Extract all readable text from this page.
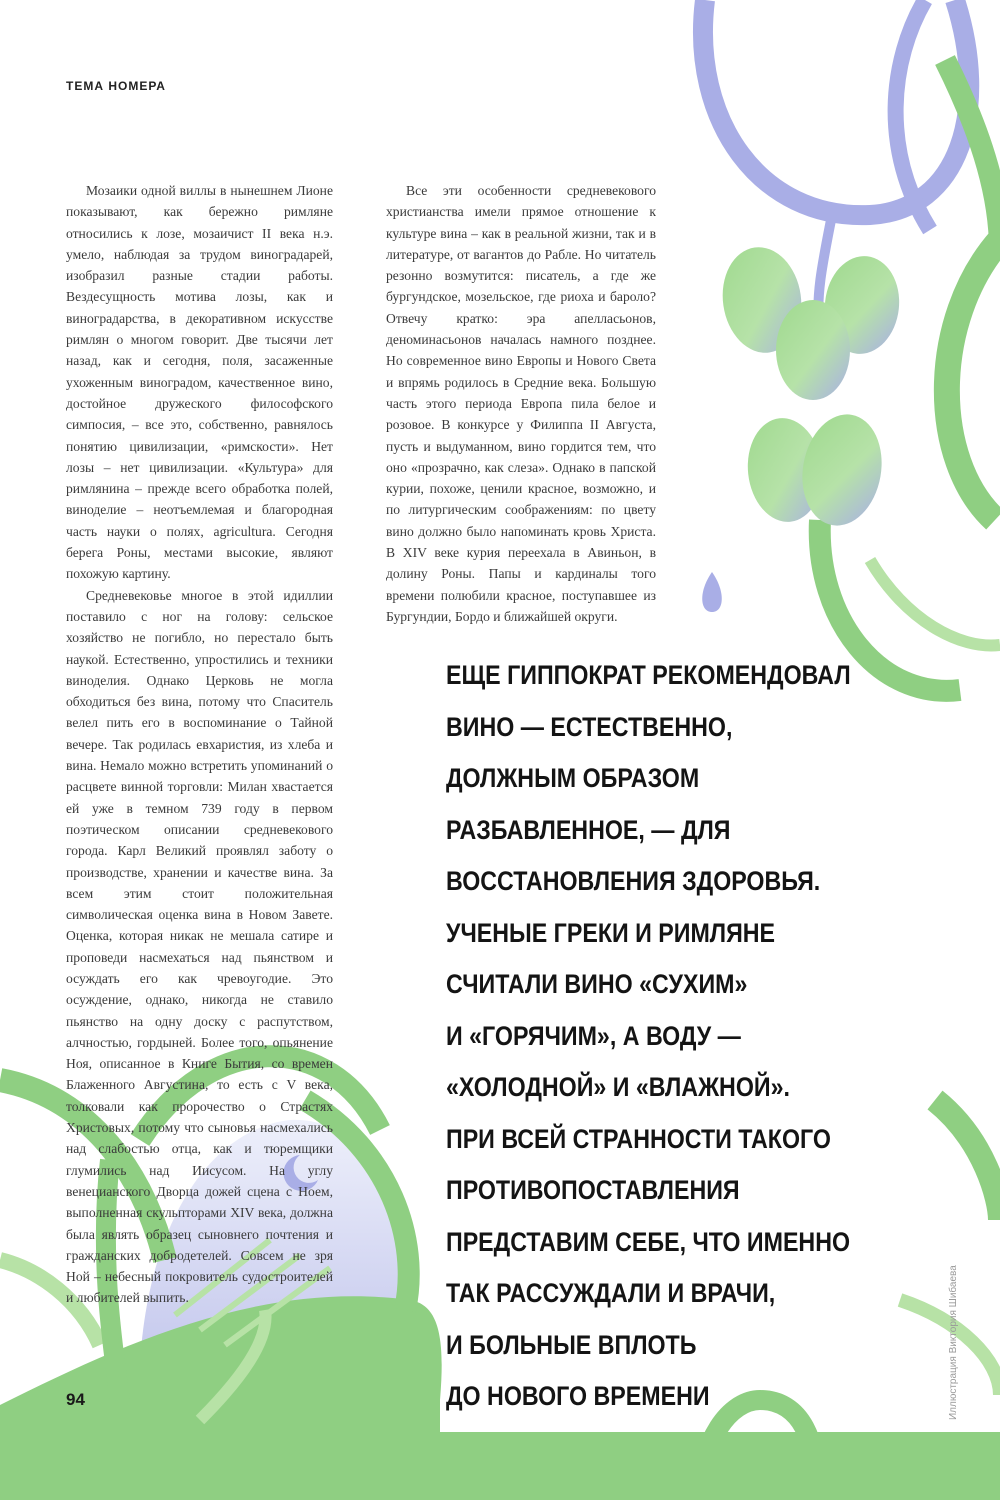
ТЕМА НОМЕРА

Мозаики одной виллы в нынешнем Лионе показывают, как бережно римляне относились к лозе, мозаичист II века н.э. умело, наблюдая за трудом виноградарей, изобразил разные стадии работы. Вездесущность мотива лозы, как и виноградарства, в декоративном искусстве римлян о многом говорит. Две тысячи лет назад, как и сегодня, поля, засаженные ухоженным виноградом, качественное вино, достойное дружеского философского симпосия, – все это, собственно, равнялось понятию цивилизации, «римскости». Нет лозы – нет цивилизации. «Культура» для римлянина – прежде всего обработка полей, виноделие – неотъемлемая и благородная часть науки о полях, agricultura. Сегодня берега Роны, местами высокие, являют похожую картину.

Средневековье многое в этой идиллии поставило с ног на голову: сельское хозяйство не погибло, но перестало быть наукой. Естественно, упростились и техники виноделия. Однако Церковь не могла обходиться без вина, потому что Спаситель велел пить его в воспоминание о Тайной вечере. Так родилась евхаристия, из хлеба и вина. Немало можно встретить упоминаний о расцвете винной торговли: Милан хвастается ей уже в темном 739 году в первом поэтическом описании средневекового города. Карл Великий проявлял заботу о производстве, хранении и качестве вина. За всем этим стоит положительная символическая оценка вина в Новом Завете. Оценка, которая никак не мешала сатире и проповеди насмехаться над пьянством и осуждать его как чревоугодие. Это осуждение, однако, никогда не ставило пьянство на одну доску с распутством, алчностью, гордыней. Более того, опьянение Ноя, описанное в Книге Бытия, со времен Блаженного Августина, то есть с V века, толковали как пророчество о Страстях Христовых, потому что сыновья насмехались над слабостью отца, как и тюремщики глумились над Иисусом. На углу венецианского Дворца дожей сцена с Ноем, выполненная скульпторами XIV века, должна была являть образец сыновнего почтения и гражданских добродетелей. Совсем не зря Ной – небесный покровитель судостроителей и любителей выпить.

Все эти особенности средневекового христианства имели прямое отношение к культуре вина – как в реальной жизни, так и в литературе, от вагантов до Рабле. Но читатель резонно возмутится: писатель, а где же бургундское, мозельское, где риоха и бароло? Отвечу кратко: эра апелласьонов, деноминасьонов началась намного позднее. Но современное вино Европы и Нового Света и впрямь родилось в Средние века. Большую часть этого периода Европа пила белое и розовое. В конкурсе у Филиппа II Августа, пусть и выдуманном, вино гордится тем, что оно «прозрачно, как слеза». Однако в папской курии, похоже, ценили красное, возможно, и по литургическим соображениям: по цвету вино должно было напоминать кровь Христа. В XIV веке курия переехала в Авиньон, в долину Роны. Папы и кардиналы того времени полюбили красное, поступавшее из Бургундии, Бордо и ближайшей округи.

ЕЩЕ ГИППОКРАТ РЕКОМЕНДОВАЛ
ВИНО — ЕСТЕСТВЕННО,
ДОЛЖНЫМ ОБРАЗОМ
РАЗБАВЛЕННОЕ, — ДЛЯ
ВОССТАНОВЛЕНИЯ ЗДОРОВЬЯ.
УЧЕНЫЕ ГРЕКИ И РИМЛЯНЕ
СЧИТАЛИ ВИНО «СУХИМ»
И «ГОРЯЧИМ», А ВОДУ —
«ХОЛОДНОЙ» И «ВЛАЖНОЙ».
ПРИ ВСЕЙ СТРАННОСТИ ТАКОГО
ПРОТИВОПОСТАВЛЕНИЯ
ПРЕДСТАВИМ СЕБЕ, ЧТО ИМЕННО
ТАК РАССУЖДАЛИ И ВРАЧИ,
И БОЛЬНЫЕ ВПЛОТЬ
ДО НОВОГО ВРЕМЕНИ
94	Иллюстрация Виктория Шибаева
